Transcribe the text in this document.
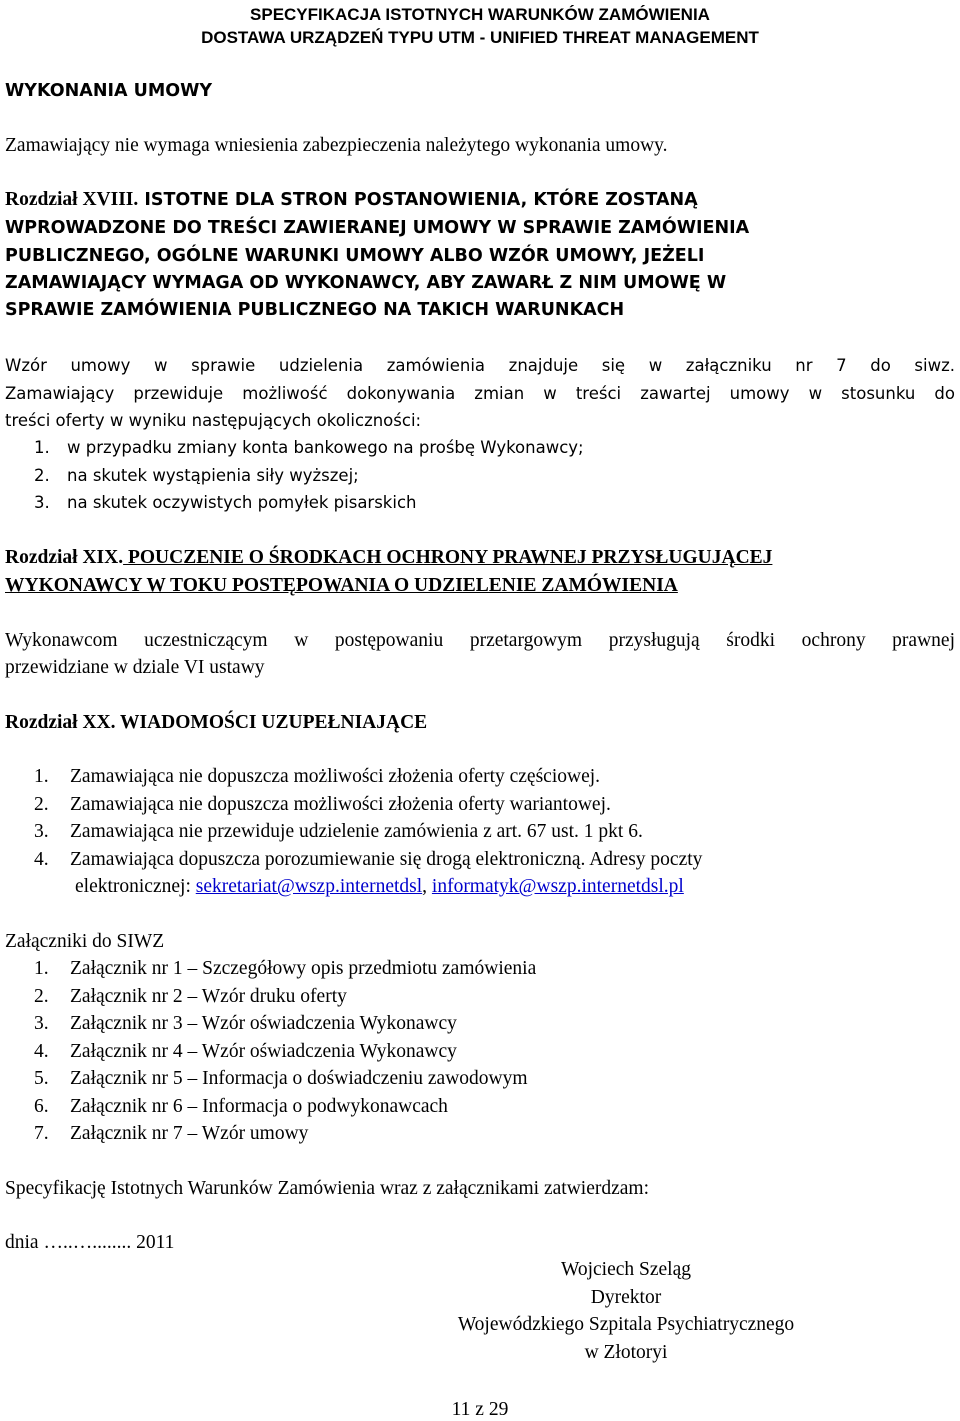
SPECYFIKACJA ISTOTNYCH WARUNKÓW ZAMÓWIENIA
DOSTAWA URZĄDZEŃ TYPU UTM - UNIFIED THREAT MANAGEMENT
WYKONANIA UMOWY
Zamawiający nie wymaga wniesienia zabezpieczenia należytego wykonania umowy.
Rozdział XVIII. ISTOTNE DLA STRON POSTANOWIENIA, KTÓRE ZOSTANĄ
WPROWADZONE DO TREŚCI ZAWIERANEJ UMOWY W SPRAWIE ZAMÓWIENIA
PUBLICZNEGO, OGÓLNE WARUNKI UMOWY ALBO WZÓR UMOWY, JEŻELI
ZAMAWIAJĄCY WYMAGA OD WYKONAWCY, ABY ZAWARŁ Z NIM UMOWĘ W
SPRAWIE ZAMÓWIENIA PUBLICZNEGO NA TAKICH WARUNKACH
Wzór umowy w sprawie udzielenia zamówienia znajduje się w załączniku nr 7 do siwz.
Zamawiający przewiduje możliwość dokonywania zmian w treści zawartej umowy w stosunku do
treści oferty w wyniku następujących okoliczności:
1. w przypadku zmiany konta bankowego na prośbę Wykonawcy;
2. na skutek wystąpienia siły wyższej;
3. na skutek oczywistych pomyłek pisarskich
Rozdział XIX. POUCZENIE O ŚRODKACH OCHRONY PRAWNEJ PRZYSŁUGUJĄCEJ
WYKONAWCY W TOKU POSTĘPOWANIA O UDZIELENIE ZAMÓWIENIA
Wykonawcom uczestniczącym w postępowaniu przetargowym przysługują środki ochrony prawnej
przewidziane w dziale VI ustawy
Rozdział XX. WIADOMOŚCI UZUPEŁNIAJĄCE
1. Zamawiająca nie dopuszcza możliwości złożenia oferty częściowej.
2. Zamawiająca nie dopuszcza możliwości złożenia oferty wariantowej.
3. Zamawiająca nie przewiduje udzielenie zamówienia z art. 67 ust. 1 pkt 6.
4. Zamawiająca dopuszcza porozumiewanie się drogą elektroniczną. Adresy poczty
elektronicznej: sekretariat@wszp.internetdsl, informatyk@wszp.internetdsl.pl
Załączniki do SIWZ
1. Załącznik nr 1 – Szczegółowy opis przedmiotu zamówienia
2. Załącznik nr 2 – Wzór druku oferty
3. Załącznik nr 3 – Wzór oświadczenia Wykonawcy
4. Załącznik nr 4 – Wzór oświadczenia Wykonawcy
5. Załącznik nr 5 – Informacja o doświadczeniu zawodowym
6. Załącznik nr 6 – Informacja o podwykonawcach
7. Załącznik nr 7 – Wzór umowy
Specyfikację Istotnych Warunków Zamówienia wraz z załącznikami zatwierdzam:
dnia …..…........ 2011
Wojciech Szeląg
Dyrektor
Wojewódzkiego Szpitala Psychiatrycznego
w Złotoryi
11 z 29
